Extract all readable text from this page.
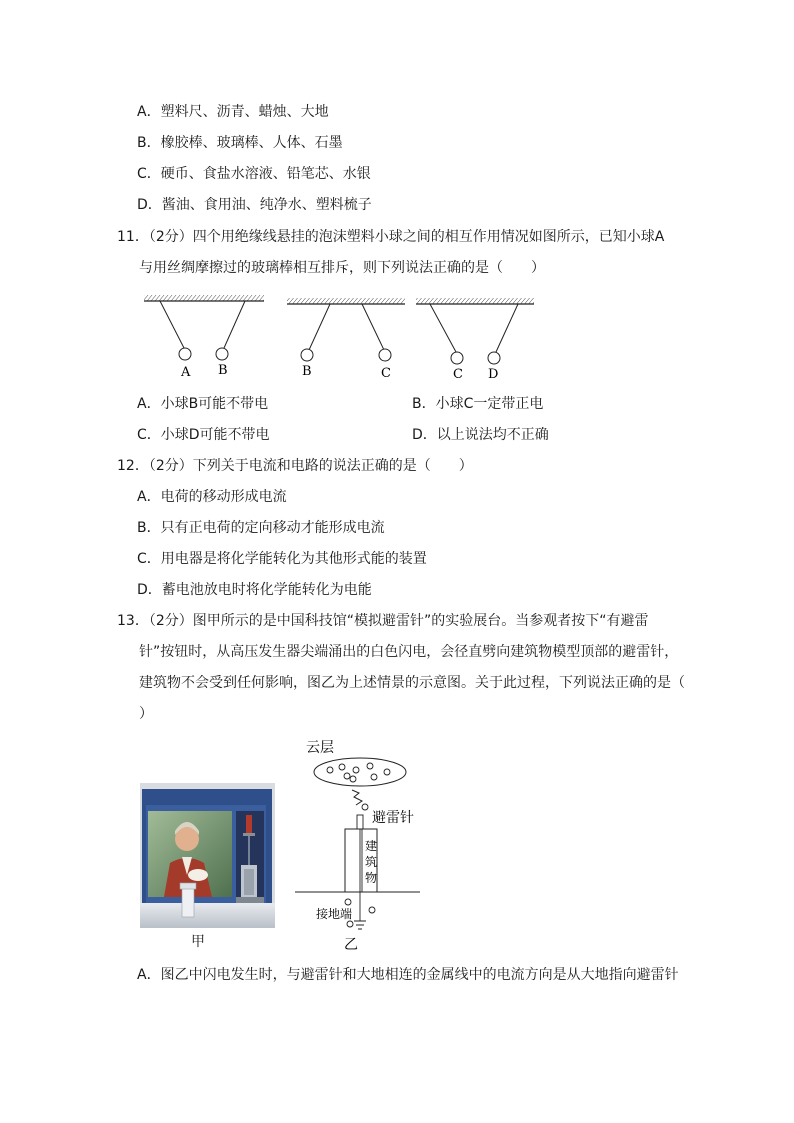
A．塑料尺、沥青、蜡烛、大地
B．橡胶棒、玻璃棒、人体、石墨
C．硬币、食盐水溶液、铅笔芯、水银
D．酱油、食用油、纯净水、塑料梳子
11．（2分）四个用绝缘线悬挂的泡沫塑料小球之间的相互作用情况如图所示，已知小球A
与用丝绸摩擦过的玻璃棒相互排斥，则下列说法正确的是（　　）
A B	B	C	C D
A．小球B可能不带电	B．小球C一定带正电
C．小球D可能不带电	D．以上说法均不正确
12．（2分）下列关于电流和电路的说法正确的是（　　）
A．电荷的移动形成电流
B．只有正电荷的定向移动才能形成电流
C．用电器是将化学能转化为其他形式能的装置
D．蓄电池放电时将化学能转化为电能
13．（2分）图甲所示的是中国科技馆“模拟避雷针”的实验展台。当参观者按下“有避雷
针”按钮时，从高压发生器尖端涌出的白色闪电，会径直劈向建筑物模型顶部的避雷针，
建筑物不会受到任何影响，图乙为上述情景的示意图。关于此过程，下列说法正确的是（
）
甲
云层
避雷针
建
筑
物
接地端
乙
A．图乙中闪电发生时，与避雷针和大地相连的金属线中的电流方向是从大地指向避雷针
